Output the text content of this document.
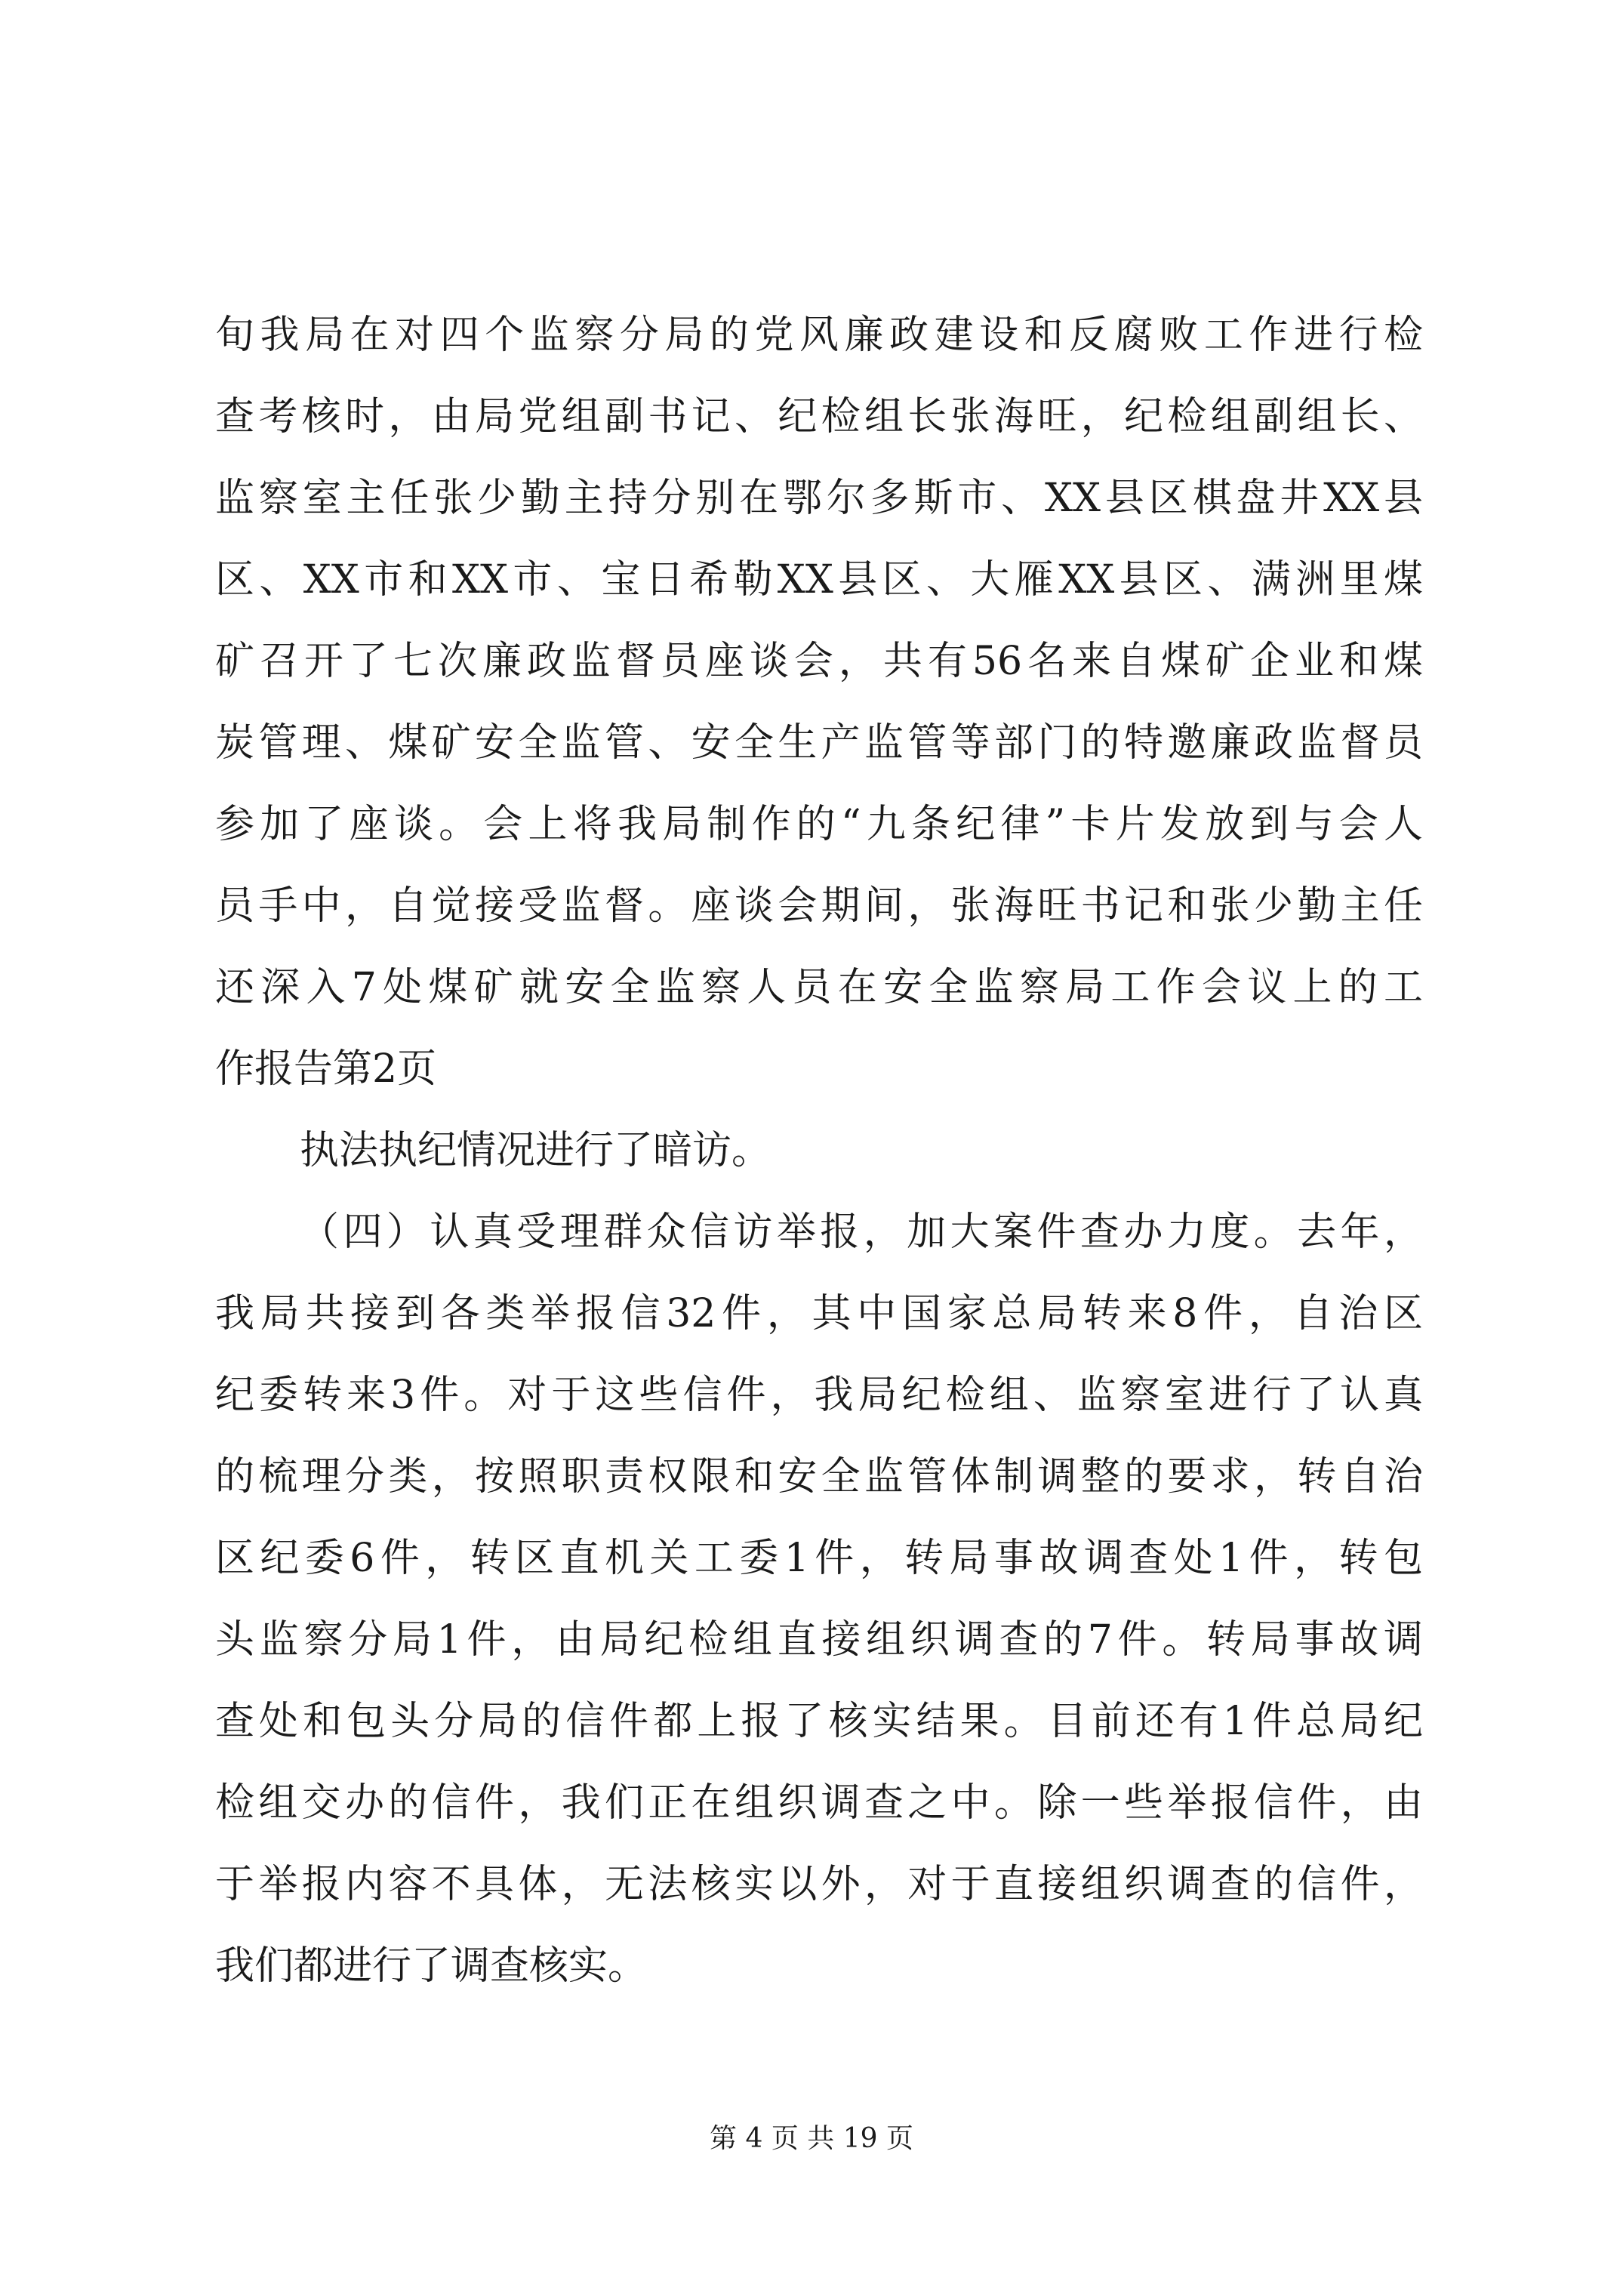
旬我局在对四个监察分局的党风廉政建设和反腐败工作进行检
查考核时，由局党组副书记、纪检组长张海旺，纪检组副组长、
监察室主任张少勤主持分别在鄂尔多斯市、XX县区棋盘井XX县
区、XX市和XX市、宝日希勒XX县区、大雁XX县区、满洲里煤
矿召开了七次廉政监督员座谈会，共有56名来自煤矿企业和煤
炭管理、煤矿安全监管、安全生产监管等部门的特邀廉政监督员
参加了座谈。会上将我局制作的“九条纪律”卡片发放到与会人
员手中，自觉接受监督。座谈会期间，张海旺书记和张少勤主任
还深入7处煤矿就安全监察人员在安全监察局工作会议上的工
作报告第2页
执法执纪情况进行了暗访。
（四）认真受理群众信访举报，加大案件查办力度。去年，
我局共接到各类举报信32件，其中国家总局转来8件，自治区
纪委转来3件。对于这些信件，我局纪检组、监察室进行了认真
的梳理分类，按照职责权限和安全监管体制调整的要求，转自治
区纪委6件，转区直机关工委1件，转局事故调查处1件，转包
头监察分局1件，由局纪检组直接组织调查的7件。转局事故调
查处和包头分局的信件都上报了核实结果。目前还有1件总局纪
检组交办的信件，我们正在组织调查之中。除一些举报信件，由
于举报内容不具体，无法核实以外，对于直接组织调查的信件，
我们都进行了调查核实。
第 4 页 共 19 页
